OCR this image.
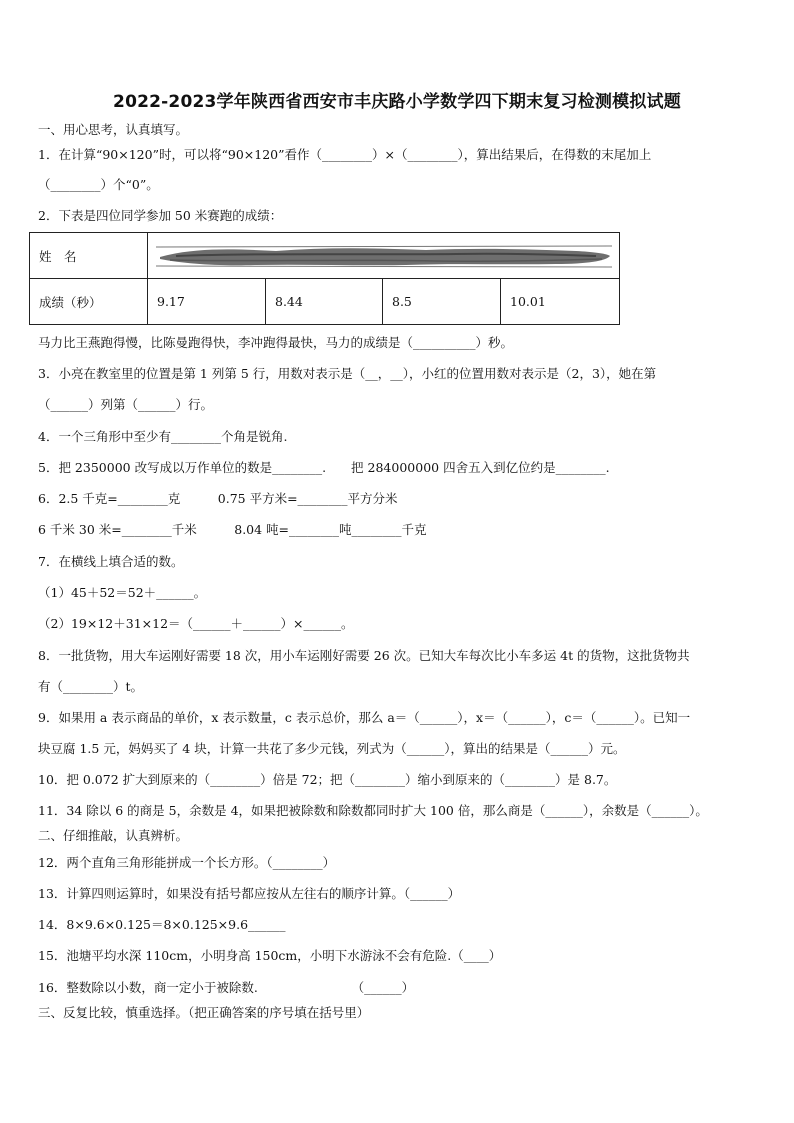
2022-2023学年陕西省西安市丰庆路小学数学四下期末复习检测模拟试题
一、用心思考，认真填写。
1．在计算“90×120”时，可以将“90×120”看作（________）×（________），算出结果后，在得数的末尾加上
（________）个“0”。
2．下表是四位同学参加 50 米赛跑的成绩：
姓　名	

成绩（秒）	9.17	8.44	8.5	10.01
马力比王燕跑得慢，比陈曼跑得快，李冲跑得最快，马力的成绩是（__________）秒。
3．小亮在教室里的位置是第 1 列第 5 行，用数对表示是（__，__），小红的位置用数对表示是（2，3），她在第
（______）列第（______）行。
4．一个三角形中至少有________个角是锐角.
5．把 2350000 改写成以万作单位的数是________.　　把 284000000 四舍五入到亿位约是________.
6．2.5 千克=________克　　　0.75 平方米=________平方分米
6 千米 30 米=________千米　　　8.04 吨=________吨________千克
7．在横线上填合适的数。
（1）45＋52＝52＋______。
（2）19×12＋31×12＝（______＋______）×______。
8．一批货物，用大车运刚好需要 18 次，用小车运刚好需要 26 次。已知大车每次比小车多运 4t 的货物，这批货物共
有（________）t。
9．如果用 a 表示商品的单价，x 表示数量，c 表示总价，那么 a＝（______），x＝（______），c＝（______）。已知一
块豆腐 1.5 元，妈妈买了 4 块，计算一共花了多少元钱，列式为（______），算出的结果是（______）元。
10．把 0.072 扩大到原来的（________）倍是 72；把（________）缩小到原来的（________）是 8.7。
11．34 除以 6 的商是 5，余数是 4，如果把被除数和除数都同时扩大 100 倍，那么商是（______），余数是（______）。
二、仔细推敲，认真辨析。
12．两个直角三角形能拼成一个长方形。（________）
13．计算四则运算时，如果没有括号都应按从左往右的顺序计算。（______）
14．8×9.6×0.125＝8×0.125×9.6______
15．池塘平均水深 110cm，小明身高 150cm，小明下水游泳不会有危险.（____）
16．整数除以小数，商一定小于被除数.　　　　　　　　（______）
三、反复比较，慎重选择。（把正确答案的序号填在括号里）
